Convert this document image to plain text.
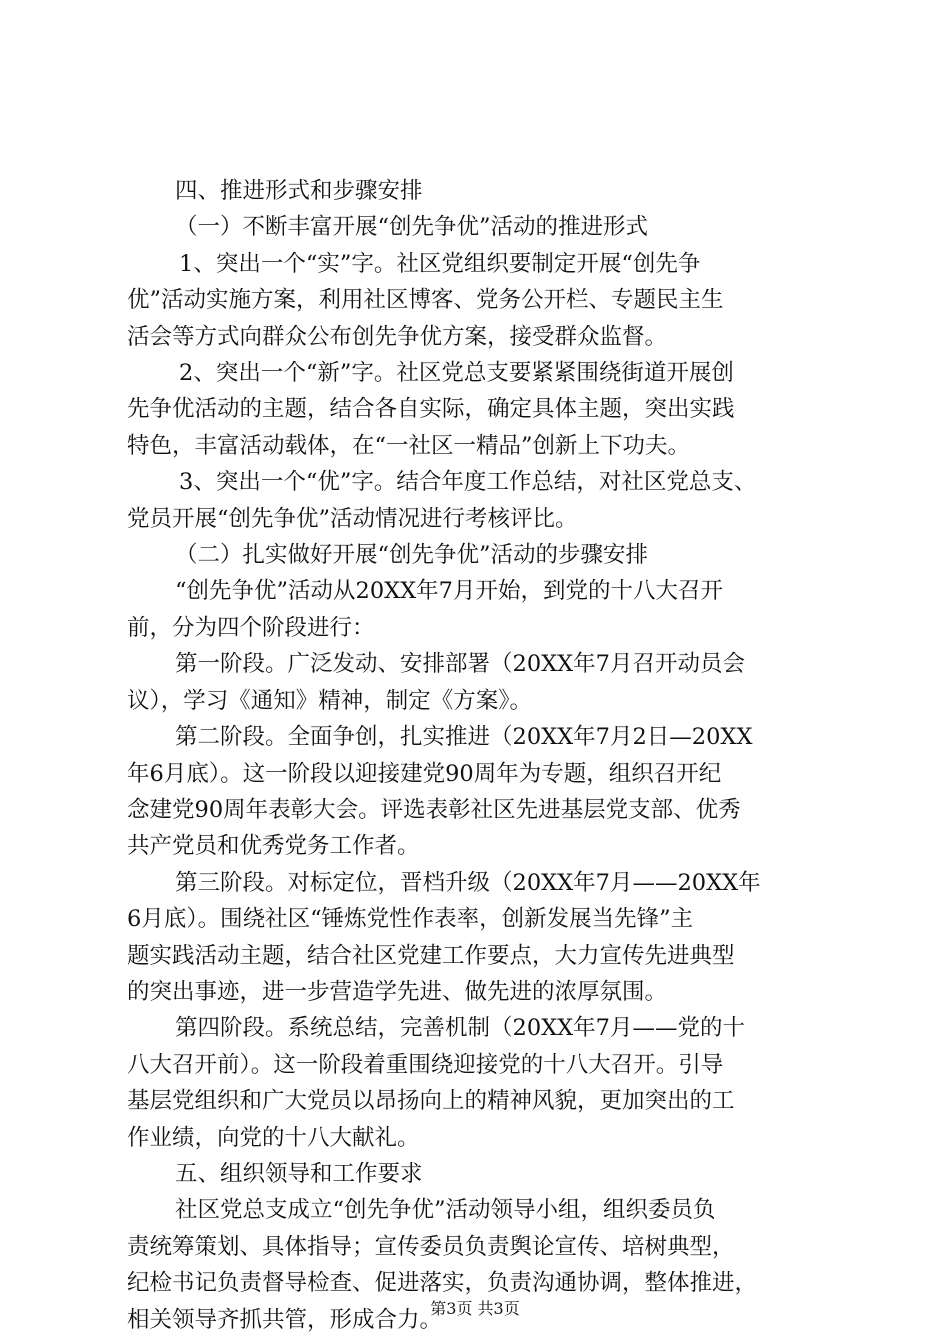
四、推进形式和步骤安排

（一）不断丰富开展“创先争优”活动的推进形式

1、突出一个“实”字。社区党组织要制定开展“创先争

优”活动实施方案，利用社区博客、党务公开栏、专题民主生

活会等方式向群众公布创先争优方案，接受群众监督。

2、突出一个“新”字。社区党总支要紧紧围绕街道开展创

先争优活动的主题，结合各自实际，确定具体主题，突出实践

特色，丰富活动载体，在“一社区一精品”创新上下功夫。

3、突出一个“优”字。结合年度工作总结，对社区党总支、

党员开展“创先争优”活动情况进行考核评比。

（二）扎实做好开展“创先争优”活动的步骤安排

“创先争优”活动从20XX年7月开始，到党的十八大召开

前，分为四个阶段进行：

第一阶段。广泛发动、安排部署（20XX年7月召开动员会

议），学习《通知》精神，制定《方案》。

第二阶段。全面争创，扎实推进（20XX年7月2日—20XX

年6月底）。这一阶段以迎接建党90周年为专题，组织召开纪

念建党90周年表彰大会。评选表彰社区先进基层党支部、优秀

共产党员和优秀党务工作者。

第三阶段。对标定位，晋档升级（20XX年7月——20XX年

6月底）。围绕社区“锤炼党性作表率，创新发展当先锋”主

题实践活动主题，结合社区党建工作要点，大力宣传先进典型

的突出事迹，进一步营造学先进、做先进的浓厚氛围。

第四阶段。系统总结，完善机制（20XX年7月——党的十

八大召开前）。这一阶段着重围绕迎接党的十八大召开。引导

基层党组织和广大党员以昂扬向上的精神风貌，更加突出的工

作业绩，向党的十八大献礼。

五、组织领导和工作要求

社区党总支成立“创先争优”活动领导小组，组织委员负

责统筹策划、具体指导；宣传委员负责舆论宣传、培树典型，

纪检书记负责督导检查、促进落实，负责沟通协调，整体推进，

相关领导齐抓共管，形成合力。

第3页 共3页
